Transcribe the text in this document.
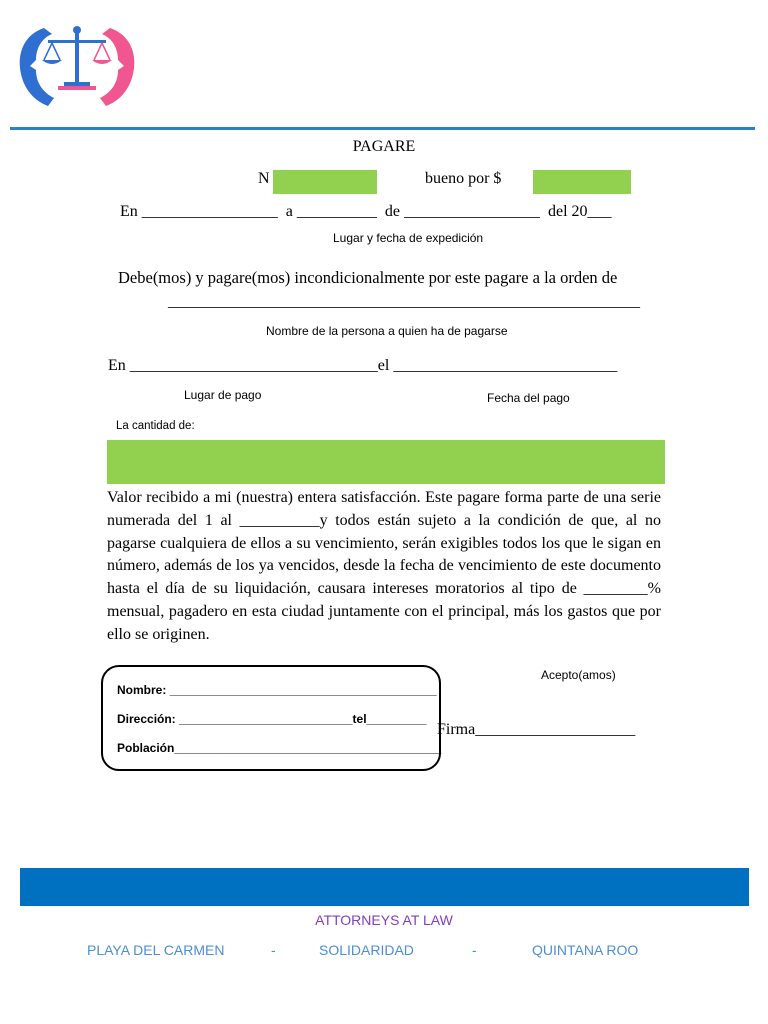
PAGARE
N	bueno por $
En _________________  a __________  de _________________  del 20___
Lugar y fecha de expedición
Debe(mos) y pagare(mos) incondicionalmente por este pagare a la orden de
___________________________________________________________
Nombre de la persona a quien ha de pagarse
En _______________________________el ____________________________
Lugar de pago	Fecha del pago
La cantidad de:
Valor recibido a mi (nuestra) entera satisfacción. Este pagare forma parte de una serie numerada del 1 al __________y todos están sujeto a la condición de que, al no pagarse cualquiera de ellos a su vencimiento, serán exigibles todos los que le sigan en número, además de los ya vencidos, desde la fecha de vencimiento de este documento hasta el día de su liquidación, causara intereses moratorios al tipo de ________% mensual, pagadero en esta ciudad juntamente con el principal, más los gastos que por ello se originen.
Nombre: ________________________________________
Dirección: __________________________tel_________
Población________________________________________
Acepto(amos)
Firma____________________
ATTORNEYS AT LAW
PLAYA DEL CARMEN	-	SOLIDARIDAD	-	QUINTANA ROO
